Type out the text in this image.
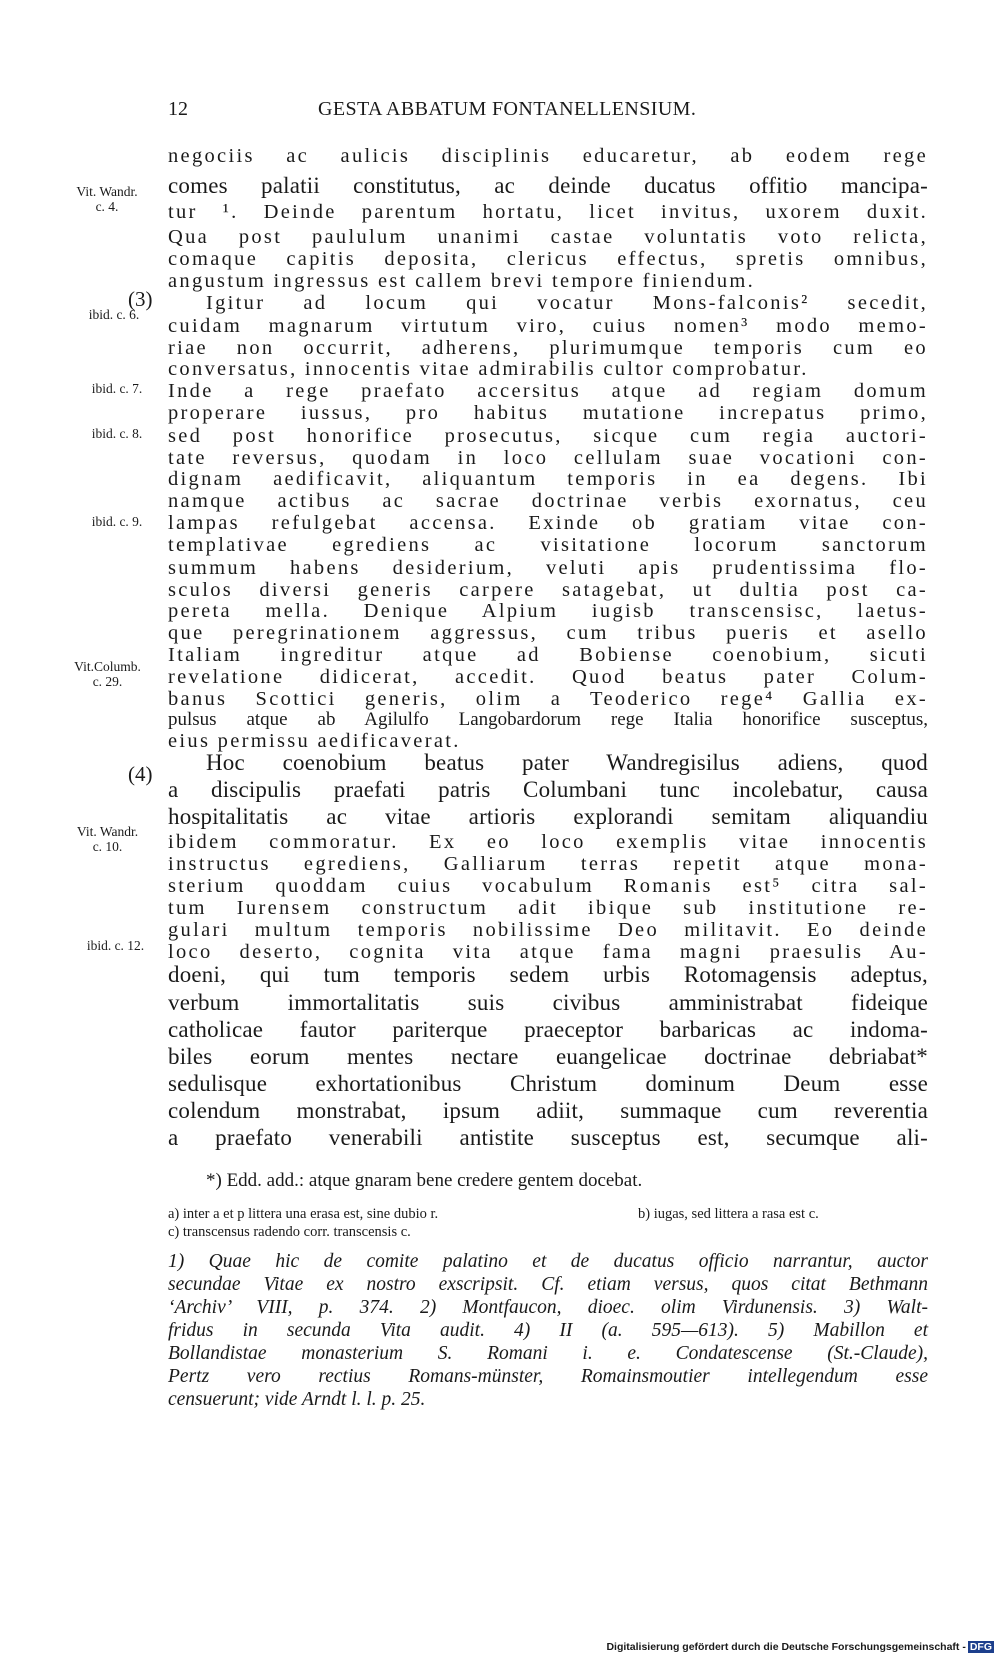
12	GESTA ABBATUM FONTANELLENSIUM.
Vit. Wandr.
c. 4.
ibid. c. 6.
ibid. c. 7.
ibid. c. 8.
ibid. c. 9.
Vit.Columb.
c. 29.
Vit. Wandr.
c. 10.
ibid. c. 12.
(3)
(4)
negociis ac aulicis disciplinis educaretur, ab eodem rege
comes palatii constitutus, ac deinde ducatus offitio mancipa-
tur ¹. Deinde parentum hortatu, licet invitus, uxorem duxit.
Qua post paululum unanimi castae voluntatis voto relicta,
comaque capitis deposita, clericus effectus, spretis omnibus,
angustum ingressus est callem brevi tempore finiendum.
Igitur ad locum qui vocatur Mons-falconis² secedit,
cuidam magnarum virtutum viro, cuius nomen³ modo memo-
riae non occurrit, adherens, plurimumque temporis cum eo
conversatus, innocentis vitae admirabilis cultor comprobatur.
Inde a rege praefato accersitus atque ad regiam domum
properare iussus, pro habitus mutatione increpatus primo,
sed post honorifice prosecutus, sicque cum regia auctori-
tate reversus, quodam in loco cellulam suae vocationi con-
dignam aedificavit, aliquantum temporis in ea degens. Ibi
namque actibus ac sacrae doctrinae verbis exornatus, ceu
lampas refulgebat accensa. Exinde ob gratiam vitae con-
templativae egrediens ac visitatione locorum sanctorum
summum habens desiderium, veluti apis prudentissima flo-
sculos diversi generis carpere satagebat, ut dultia post ca-
pereta mella. Denique Alpium iugisb transcensisc, laetus-
que peregrinationem aggressus, cum tribus pueris et asello
Italiam ingreditur atque ad Bobiense coenobium, sicuti
revelatione didicerat, accedit. Quod beatus pater Colum-
banus Scottici generis, olim a Teoderico rege⁴ Gallia ex-
pulsus atque ab Agilulfo Langobardorum rege Italia honorifice susceptus,
eius permissu aedificaverat.
Hoc coenobium beatus pater Wandregisilus adiens, quod
a discipulis praefati patris Columbani tunc incolebatur, causa
hospitalitatis ac vitae artioris explorandi semitam aliquandiu
ibidem commoratur. Ex eo loco exemplis vitae innocentis
instructus egrediens, Galliarum terras repetit atque mona-
sterium quoddam cuius vocabulum Romanis est⁵ citra sal-
tum Iurensem constructum adit ibique sub institutione re-
gulari multum temporis nobilissime Deo militavit. Eo deinde
loco deserto, cognita vita atque fama magni praesulis Au-
doeni, qui tum temporis sedem urbis Rotomagensis adeptus,
verbum immortalitatis suis civibus amministrabat fideique
catholicae fautor pariterque praeceptor barbaricas ac indoma-
biles eorum mentes nectare euangelicae doctrinae debriabat*
sedulisque exhortationibus Christum dominum Deum esse
colendum monstrabat, ipsum adiit, summaque cum reverentia
a praefato venerabili antistite susceptus est, secumque ali-
*) Edd. add.: atque gnaram bene credere gentem docebat.
a) inter a et p littera una erasa est, sine dubio r.	b) iugas, sed littera a rasa est c.
c) transcensus radendo corr. transcensis c.
1) Quae hic de comite palatino et de ducatus officio narrantur, auctor
secundae Vitae ex nostro exscripsit. Cf. etiam versus, quos citat Bethmann
‘Archiv’ VIII, p. 374. 2) Montfaucon, dioec. olim Virdunensis. 3) Walt-
fridus in secunda Vita audit. 4) II (a. 595—613). 5) Mabillon et
Bollandistae monasterium S. Romani i. e. Condatescense (St.-Claude),
Pertz vero rectius Romans-münster, Romainsmoutier intellegendum esse
censuerunt; vide Arndt l. l. p. 25.
Digitalisierung gefördert durch die Deutsche Forschungsgemeinschaft - DFG
